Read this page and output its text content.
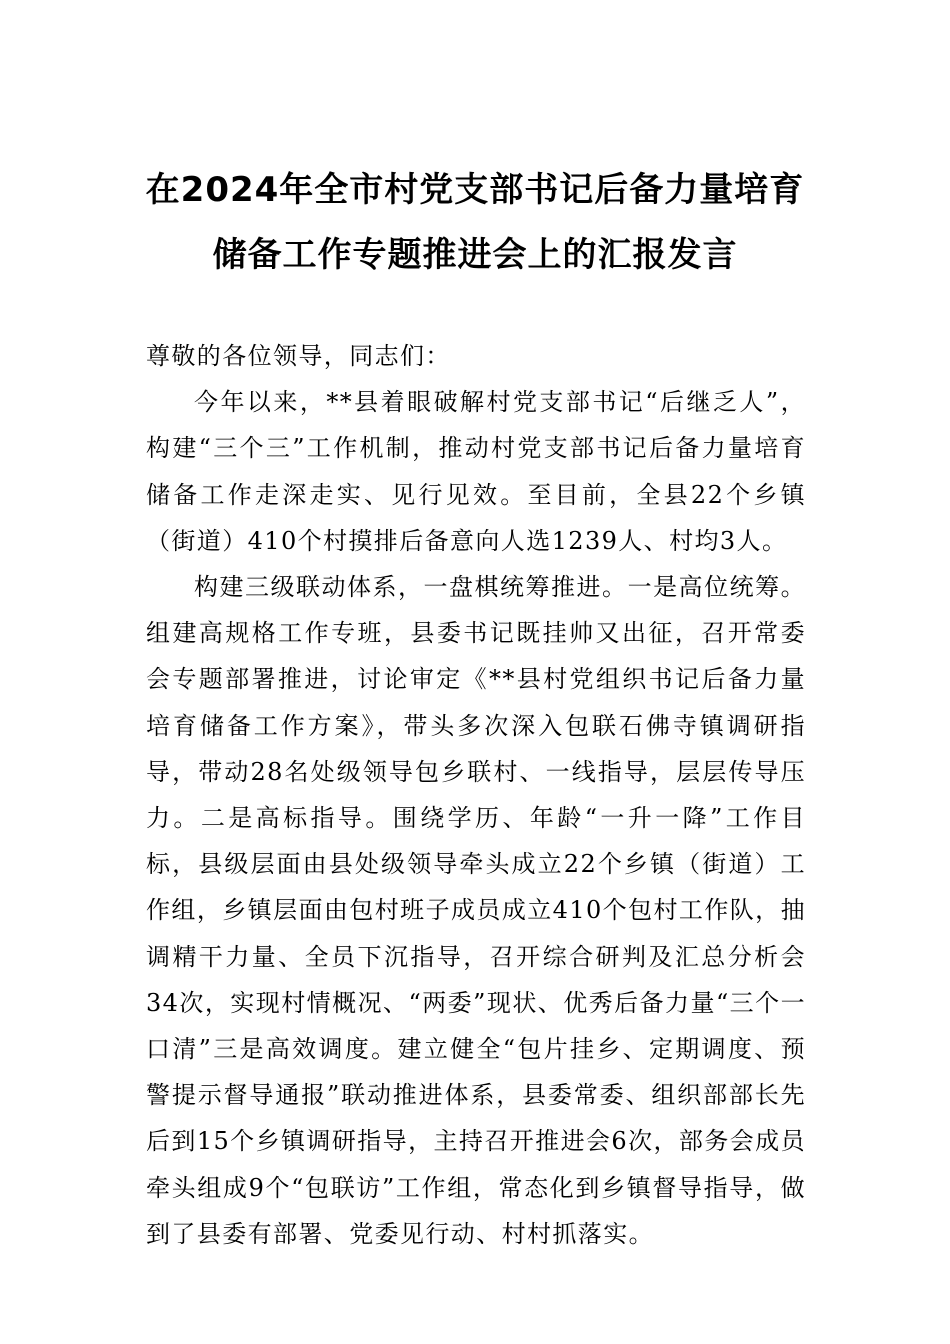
在2024年全市村党支部书记后备力量培育
储备工作专题推进会上的汇报发言

尊敬的各位领导，同志们：

今年以来，**县着眼破解村党支部书记“后继乏人”，构建“三个三”工作机制，推动村党支部书记后备力量培育储备工作走深走实、见行见效。至目前，全县22个乡镇（街道）410个村摸排后备意向人选1239人、村均3人。

构建三级联动体系，一盘棋统筹推进。一是高位统筹。组建高规格工作专班，县委书记既挂帅又出征，召开常委会专题部署推进，讨论审定《**县村党组织书记后备力量培育储备工作方案》，带头多次深入包联石佛寺镇调研指导，带动28名处级领导包乡联村、一线指导，层层传导压力。二是高标指导。围绕学历、年龄“一升一降”工作目标，县级层面由县处级领导牵头成立22个乡镇（街道）工作组，乡镇层面由包村班子成员成立410个包村工作队，抽调精干力量、全员下沉指导，召开综合研判及汇总分析会34次，实现村情概况、“两委”现状、优秀后备力量“三个一口清”三是高效调度。建立健全“包片挂乡、定期调度、预警提示督导通报”联动推进体系，县委常委、组织部部长先后到15个乡镇调研指导，主持召开推进会6次，部务会成员牵头组成9个“包联访”工作组，常态化到乡镇督导指导，做到了县委有部署、党委见行动、村村抓落实。
